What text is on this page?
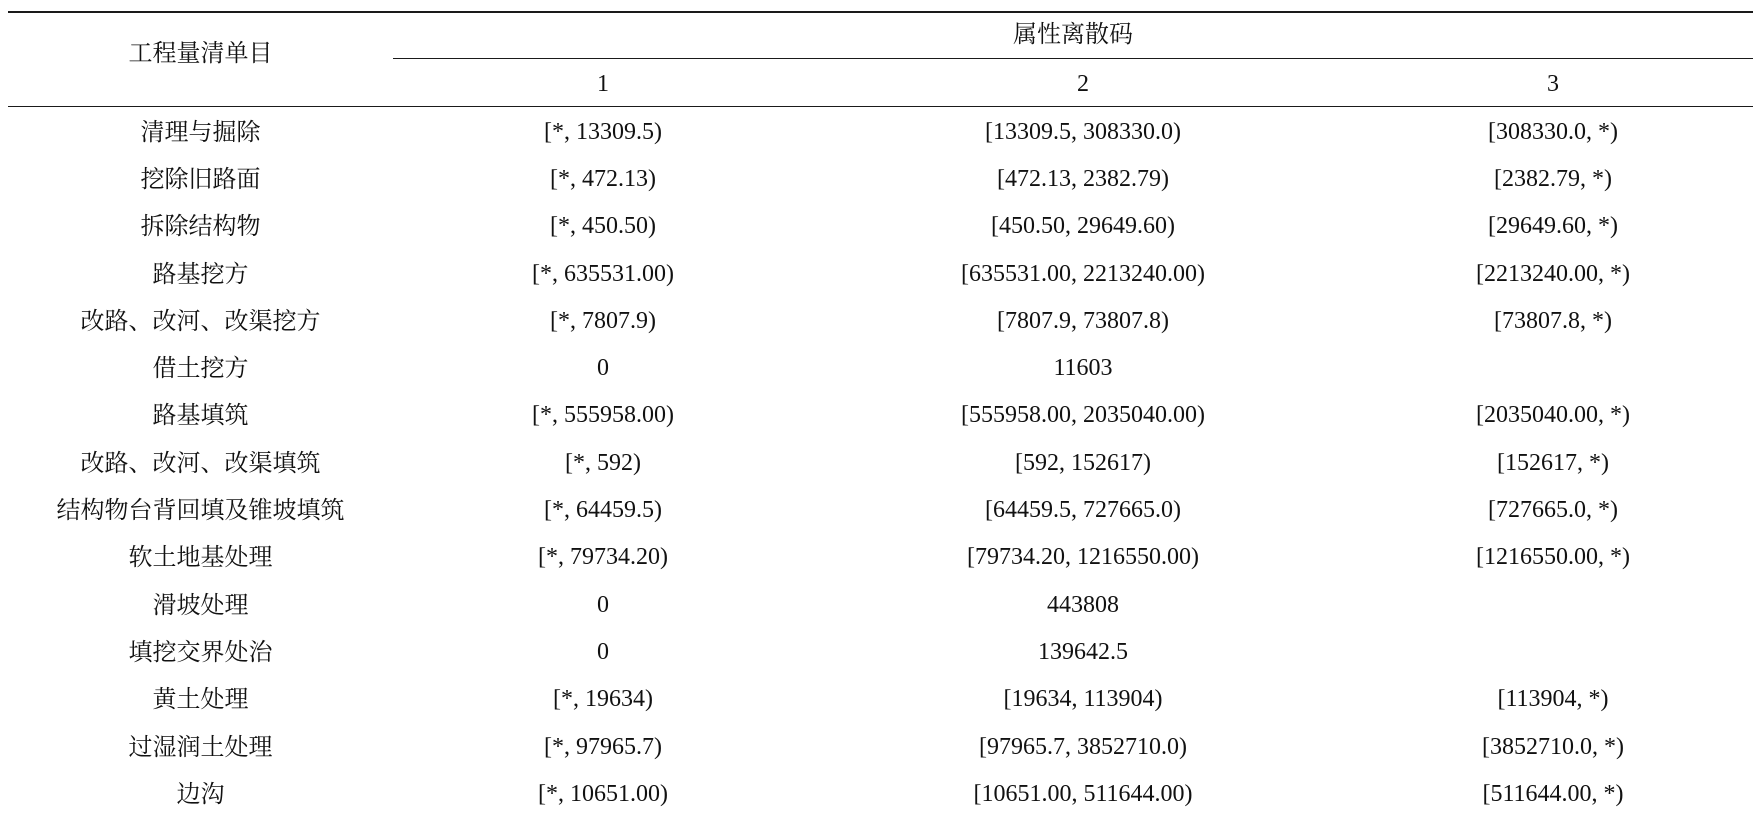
工程量清单目
属性离散码
1	2	3
清理与掘除	[*, 13309.5)	[13309.5, 308330.0)	[308330.0, *)
挖除旧路面	[*, 472.13)	[472.13, 2382.79)	[2382.79, *)
拆除结构物	[*, 450.50)	[450.50, 29649.60)	[29649.60, *)
路基挖方	[*, 635531.00)	[635531.00, 2213240.00)	[2213240.00, *)
改路、改河、改渠挖方	[*, 7807.9)	[7807.9, 73807.8)	[73807.8, *)
借土挖方	0	11603
路基填筑	[*, 555958.00)	[555958.00, 2035040.00)	[2035040.00, *)
改路、改河、改渠填筑	[*, 592)	[592, 152617)	[152617, *)
结构物台背回填及锥坡填筑	[*, 64459.5)	[64459.5, 727665.0)	[727665.0, *)
软土地基处理	[*, 79734.20)	[79734.20, 1216550.00)	[1216550.00, *)
滑坡处理	0	443808
填挖交界处治	0	139642.5
黄土处理	[*, 19634)	[19634, 113904)	[113904, *)
过湿润土处理	[*, 97965.7)	[97965.7, 3852710.0)	[3852710.0, *)
边沟	[*, 10651.00)	[10651.00, 511644.00)	[511644.00, *)
